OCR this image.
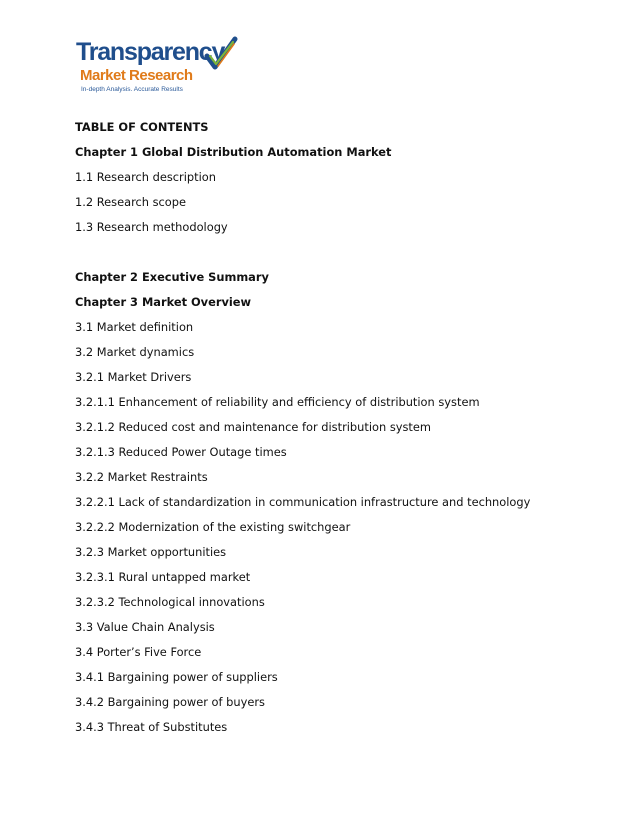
Transparency
Market Research
In-depth Analysis. Accurate Results
TABLE OF CONTENTS
Chapter 1 Global Distribution Automation Market
1.1 Research description
1.2 Research scope
1.3 Research methodology
Chapter 2 Executive Summary
Chapter 3 Market Overview
3.1 Market definition
3.2 Market dynamics
3.2.1 Market Drivers
3.2.1.1 Enhancement of reliability and efficiency of distribution system
3.2.1.2 Reduced cost and maintenance for distribution system
3.2.1.3 Reduced Power Outage times
3.2.2 Market Restraints
3.2.2.1 Lack of standardization in communication infrastructure and technology
3.2.2.2 Modernization of the existing switchgear
3.2.3 Market opportunities
3.2.3.1 Rural untapped market
3.2.3.2 Technological innovations
3.3 Value Chain Analysis
3.4 Porter’s Five Force
3.4.1 Bargaining power of suppliers
3.4.2 Bargaining power of buyers
3.4.3 Threat of Substitutes
